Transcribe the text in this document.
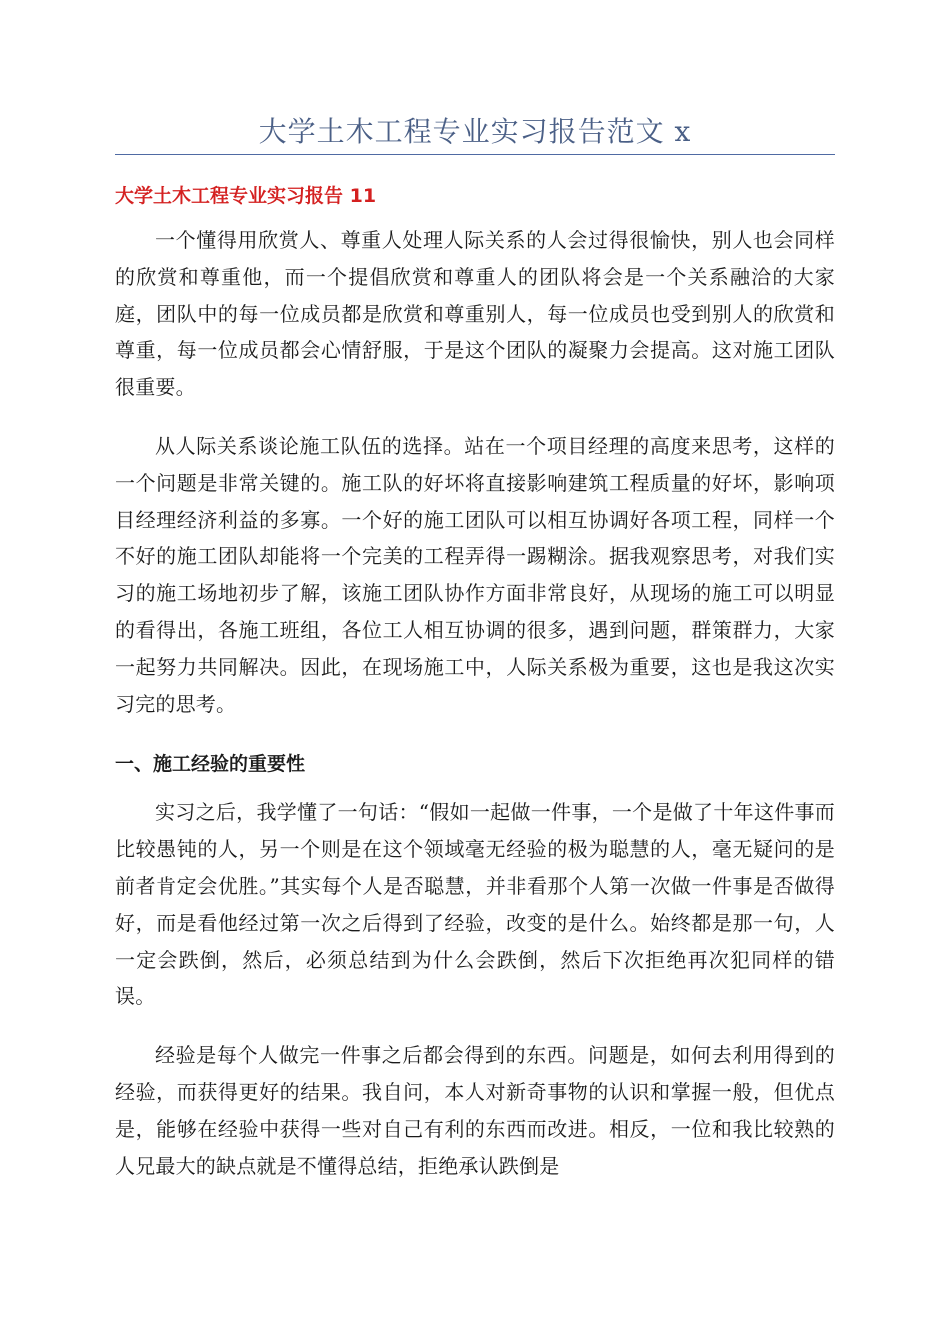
大学土木工程专业实习报告范文 x
大学土木工程专业实习报告 11

一个懂得用欣赏人、尊重人处理人际关系的人会过得很愉快，别人也会同样的欣赏和尊重他，而一个提倡欣赏和尊重人的团队将会是一个关系融洽的大家庭，团队中的每一位成员都是欣赏和尊重别人，每一位成员也受到别人的欣赏和尊重，每一位成员都会心情舒服，于是这个团队的凝聚力会提高。这对施工团队很重要。

从人际关系谈论施工队伍的选择。站在一个项目经理的高度来思考，这样的一个问题是非常关键的。施工队的好坏将直接影响建筑工程质量的好坏，影响项目经理经济利益的多寡。一个好的施工团队可以相互协调好各项工程，同样一个不好的施工团队却能将一个完美的工程弄得一踢糊涂。据我观察思考，对我们实习的施工场地初步了解，该施工团队协作方面非常良好，从现场的施工可以明显的看得出，各施工班组，各位工人相互协调的很多，遇到问题，群策群力，大家一起努力共同解决。因此，在现场施工中，人际关系极为重要，这也是我这次实习完的思考。

一、施工经验的重要性

实习之后，我学懂了一句话：“假如一起做一件事，一个是做了十年这件事而比较愚钝的人，另一个则是在这个领域毫无经验的极为聪慧的人，毫无疑问的是前者肯定会优胜。”其实每个人是否聪慧，并非看那个人第一次做一件事是否做得好，而是看他经过第一次之后得到了经验，改变的是什么。始终都是那一句，人一定会跌倒，然后，必须总结到为什么会跌倒，然后下次拒绝再次犯同样的错误。

经验是每个人做完一件事之后都会得到的东西。问题是，如何去利用得到的经验，而获得更好的结果。我自问，本人对新奇事物的认识和掌握一般，但优点是，能够在经验中获得一些对自己有利的东西而改进。相反，一位和我比较熟的人兄最大的缺点就是不懂得总结，拒绝承认跌倒是
